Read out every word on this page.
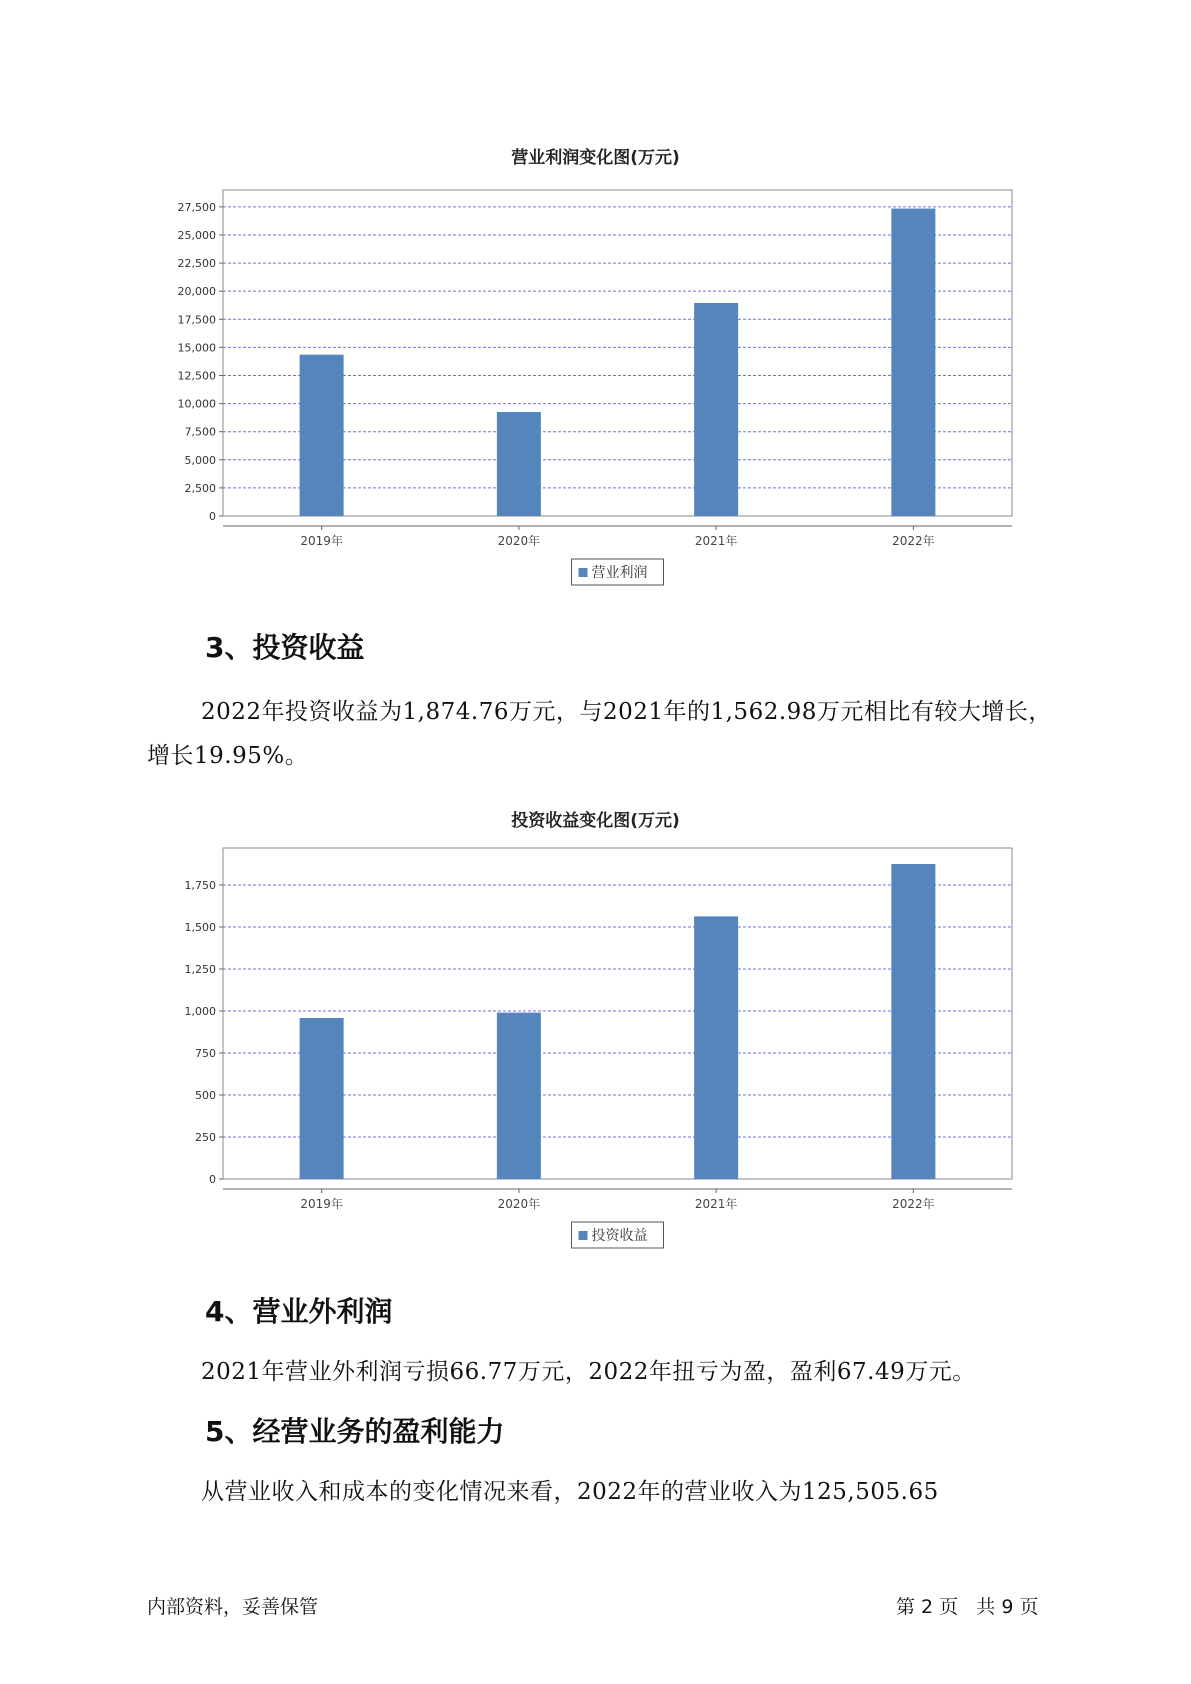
营业利润变化图(万元)
0
2,500
5,000
7,500
10,000
12,500
15,000
17,500
20,000
22,500
25,000
27,500
2019年	2020年	2021年	2022年
营业利润
3、投资收益

2022年投资收益为1,874.76万元，与2021年的1,562.98万元相比有较大增长，增长19.95%。

投资收益变化图(万元)
0
250
500
750
1,000
1,250
1,500
1,750
2019年	2020年	2021年	2022年
投资收益
4、营业外利润

2021年营业外利润亏损66.77万元，2022年扭亏为盈，盈利67.49万元。

5、经营业务的盈利能力

从营业收入和成本的变化情况来看，2022年的营业收入为125,505.65

内部资料，妥善保管	第 2 页   共 9 页
